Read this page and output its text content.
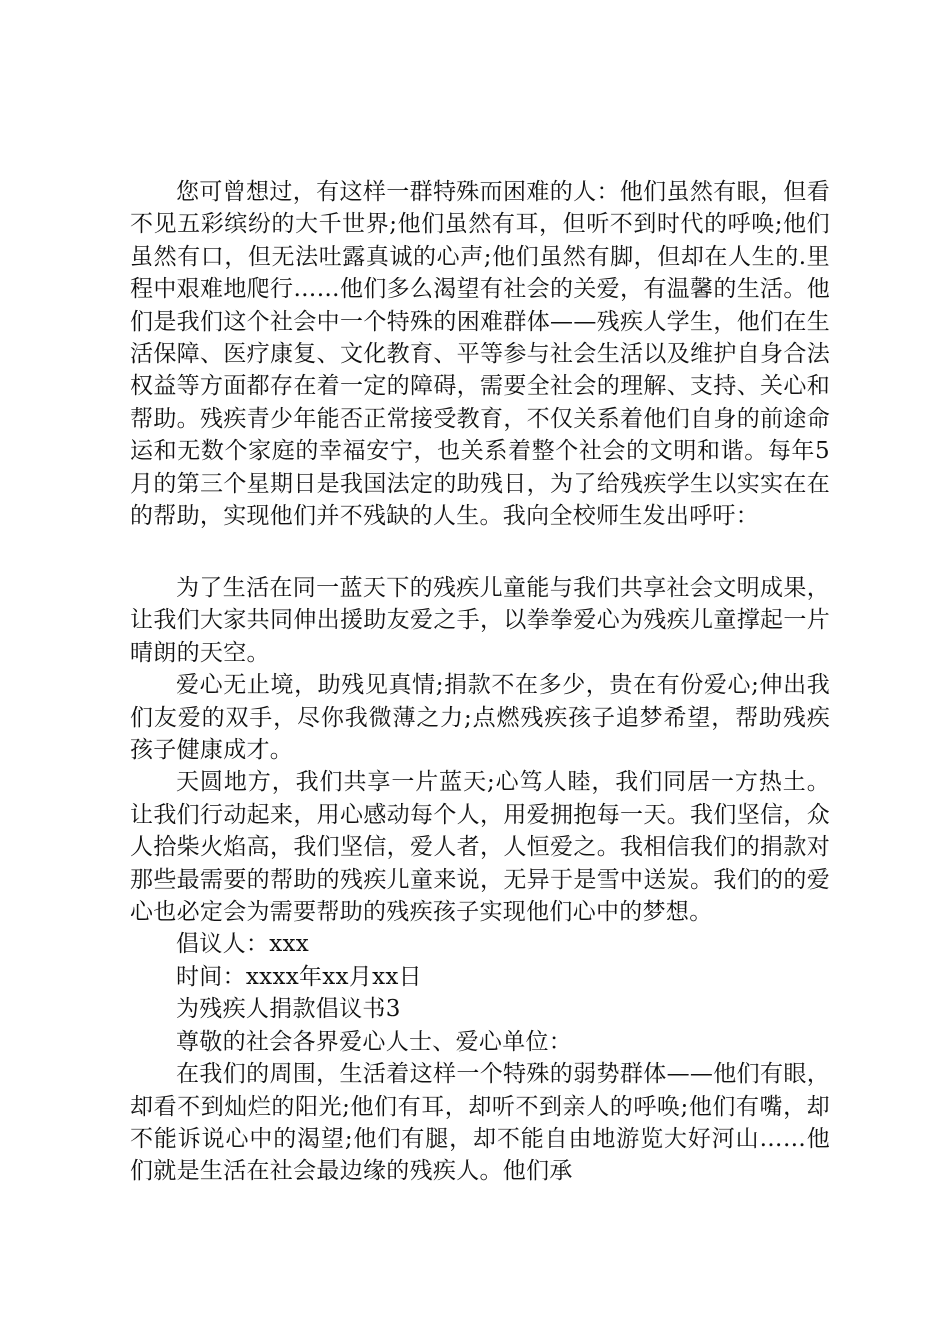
您可曾想过，有这样一群特殊而困难的人：他们虽然有眼，但看不见五彩缤纷的大千世界;他们虽然有耳，但听不到时代的呼唤;他们虽然有口，但无法吐露真诚的心声;他们虽然有脚，但却在人生的.里程中艰难地爬行……他们多么渴望有社会的关爱，有温馨的生活。他们是我们这个社会中一个特殊的困难群体——残疾人学生，他们在生活保障、医疗康复、文化教育、平等参与社会生活以及维护自身合法权益等方面都存在着一定的障碍，需要全社会的理解、支持、关心和帮助。残疾青少年能否正常接受教育，不仅关系着他们自身的前途命运和无数个家庭的幸福安宁，也关系着整个社会的文明和谐。每年5月的第三个星期日是我国法定的助残日，为了给残疾学生以实实在在的帮助，实现他们并不残缺的人生。我向全校师生发出呼吁：

为了生活在同一蓝天下的残疾儿童能与我们共享社会文明成果，让我们大家共同伸出援助友爱之手，以拳拳爱心为残疾儿童撑起一片晴朗的天空。

爱心无止境，助残见真情;捐款不在多少，贵在有份爱心;伸出我们友爱的双手，尽你我微薄之力;点燃残疾孩子追梦希望，帮助残疾孩子健康成才。

天圆地方，我们共享一片蓝天;心笃人睦，我们同居一方热土。让我们行动起来，用心感动每个人，用爱拥抱每一天。我们坚信，众人拾柴火焰高，我们坚信，爱人者，人恒爱之。我相信我们的捐款对那些最需要的帮助的残疾儿童来说，无异于是雪中送炭。我们的的爱心也必定会为需要帮助的残疾孩子实现他们心中的梦想。

倡议人：xxx

时间：xxxx年xx月xx日

为残疾人捐款倡议书3

尊敬的社会各界爱心人士、爱心单位：

在我们的周围，生活着这样一个特殊的弱势群体——他们有眼，却看不到灿烂的阳光;他们有耳，却听不到亲人的呼唤;他们有嘴，却不能诉说心中的渴望;他们有腿，却不能自由地游览大好河山……他们就是生活在社会最边缘的残疾人。他们承
